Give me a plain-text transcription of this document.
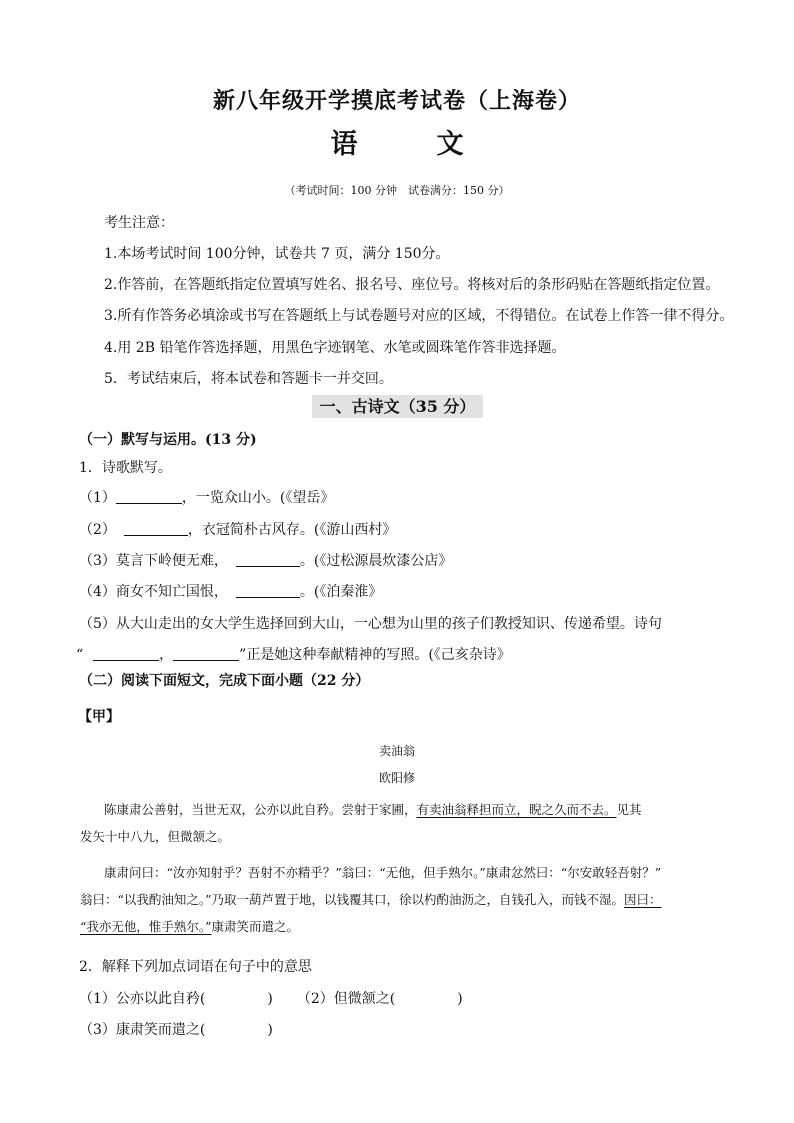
新八年级开学摸底考试卷（上海卷）
语　文
（考试时间：100 分钟　试卷满分：150 分）
考生注意：
1.本场考试时间 100分钟，试卷共 7 页，满分 150分。
2.作答前，在答题纸指定位置填写姓名、报名号、座位号。将核对后的条形码贴在答题纸指定位置。
3.所有作答务必填涂或书写在答题纸上与试卷题号对应的区域，不得错位。在试卷上作答一律不得分。
4.用 2B 铅笔作答选择题，用黑色字迹钢笔、水笔或圆珠笔作答非选择题。
5．考试结束后，将本试卷和答题卡一并交回。
一、古诗文（35 分）
（一）默写与运用。(13 分)
1．诗歌默写。
（1）	，一览众山小。(《望岳》
（2）	，衣冠简朴古风存。(《游山西村》
（3）莫言下岭便无难，	。(《过松源晨炊漆公店》
（4）商女不知亡国恨，	。(《泊秦淮》
（5）从大山走出的女大学生选择回到大山，一心想为山里的孩子们教授知识、传递希望。诗句
“	，	”正是她这种奉献精神的写照。(《己亥杂诗》
（二）阅读下面短文，完成下面小题（22 分）
【甲】
卖油翁
欧阳修
陈康肃公善射，当世无双，公亦以此自矜。尝射于家圃，有卖油翁释担而立，睨之久而不去。见其
发矢十中八九，但微颔之。
康肃问曰：“汝亦知射乎？吾射不亦精乎？”翁曰：“无他，但手熟尔。”康肃忿然曰：“尔安敢轻吾射？”
翁曰：“以我酌油知之。”乃取一葫芦置于地，以钱覆其口，徐以杓酌油沥之，自钱孔入，而钱不湿。因曰：
“我亦无他，惟手熟尔。”康肃笑而遣之。
2．解释下列加点词语在句子中的意思
（1）公亦以此自矜(	) （2）但微颔之(	)
（3）康肃笑而遣之(	)
